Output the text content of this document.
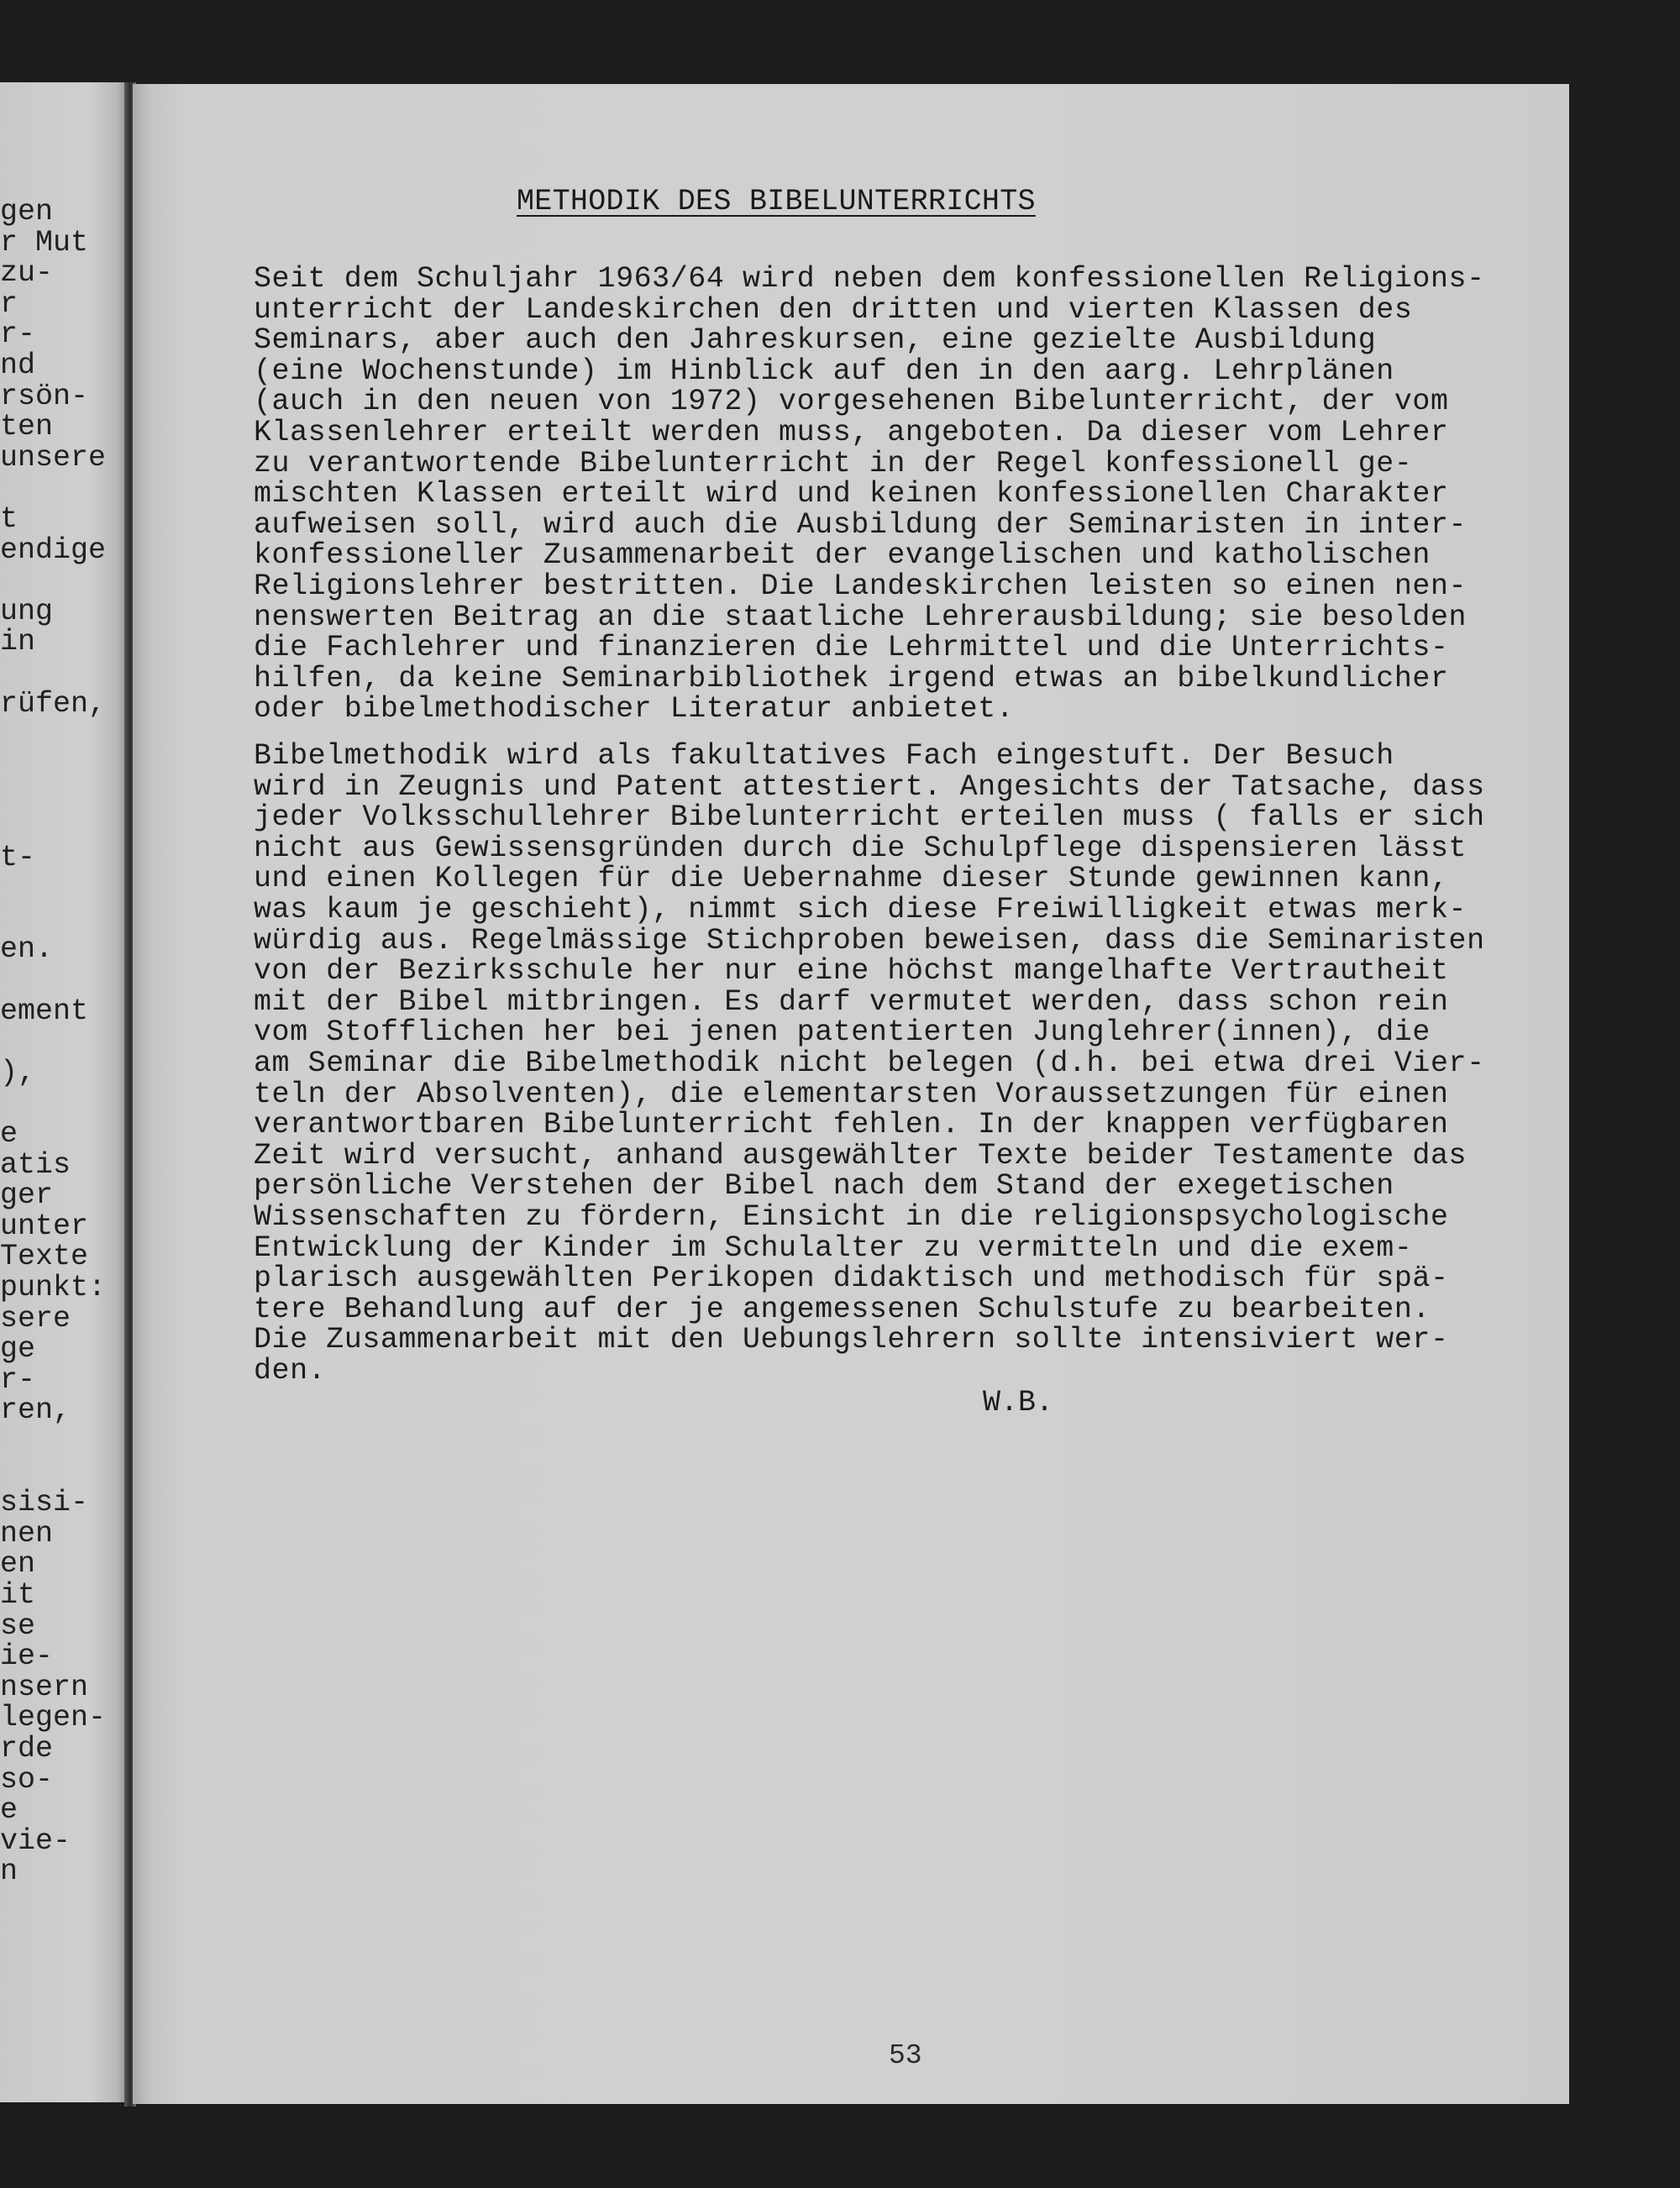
gen
r Mut
zu-
r
r-
nd
rsön-
ten
unsere
t
endige
ung
in
rüfen,
t-
en.
ement
),
e
atis
ger
unter
Texte
punkt:
sere
ge
r-
ren,
sisi-
nen
en
it
se
ie-
nsern
legen-
rde
so-
e
vie-
n
METHODIK DES BIBELUNTERRICHTS
Seit dem Schuljahr 1963/64 wird neben dem konfessionellen Religions-
unterricht der Landeskirchen den dritten und vierten Klassen des
Seminars, aber auch den Jahreskursen, eine gezielte Ausbildung
(eine Wochenstunde) im Hinblick auf den in den aarg. Lehrplänen
(auch in den neuen von 1972) vorgesehenen Bibelunterricht, der vom
Klassenlehrer erteilt werden muss, angeboten. Da dieser vom Lehrer
zu verantwortende Bibelunterricht in der Regel konfessionell ge-
mischten Klassen erteilt wird und keinen konfessionellen Charakter
aufweisen soll, wird auch die Ausbildung der Seminaristen in inter-
konfessioneller Zusammenarbeit der evangelischen und katholischen
Religionslehrer bestritten. Die Landeskirchen leisten so einen nen-
nenswerten Beitrag an die staatliche Lehrerausbildung; sie besolden
die Fachlehrer und finanzieren die Lehrmittel und die Unterrichts-
hilfen, da keine Seminarbibliothek irgend etwas an bibelkundlicher
oder bibelmethodischer Literatur anbietet.
Bibelmethodik wird als fakultatives Fach eingestuft. Der Besuch
wird in Zeugnis und Patent attestiert. Angesichts der Tatsache, dass
jeder Volksschullehrer Bibelunterricht erteilen muss ( falls er sich
nicht aus Gewissensgründen durch die Schulpflege dispensieren lässt
und einen Kollegen für die Uebernahme dieser Stunde gewinnen kann,
was kaum je geschieht), nimmt sich diese Freiwilligkeit etwas merk-
würdig aus. Regelmässige Stichproben beweisen, dass die Seminaristen
von der Bezirksschule her nur eine höchst mangelhafte Vertrautheit
mit der Bibel mitbringen. Es darf vermutet werden, dass schon rein
vom Stofflichen her bei jenen patentierten Junglehrer(innen), die
am Seminar die Bibelmethodik nicht belegen (d.h. bei etwa drei Vier-
teln der Absolventen), die elementarsten Voraussetzungen für einen
verantwortbaren Bibelunterricht fehlen. In der knappen verfügbaren
Zeit wird versucht, anhand ausgewählter Texte beider Testamente das
persönliche Verstehen der Bibel nach dem Stand der exegetischen
Wissenschaften zu fördern, Einsicht in die religionspsychologische
Entwicklung der Kinder im Schulalter zu vermitteln und die exem-
plarisch ausgewählten Perikopen didaktisch und methodisch für spä-
tere Behandlung auf der je angemessenen Schulstufe zu bearbeiten.
Die Zusammenarbeit mit den Uebungslehrern sollte intensiviert wer-
den.
W.B.
53
